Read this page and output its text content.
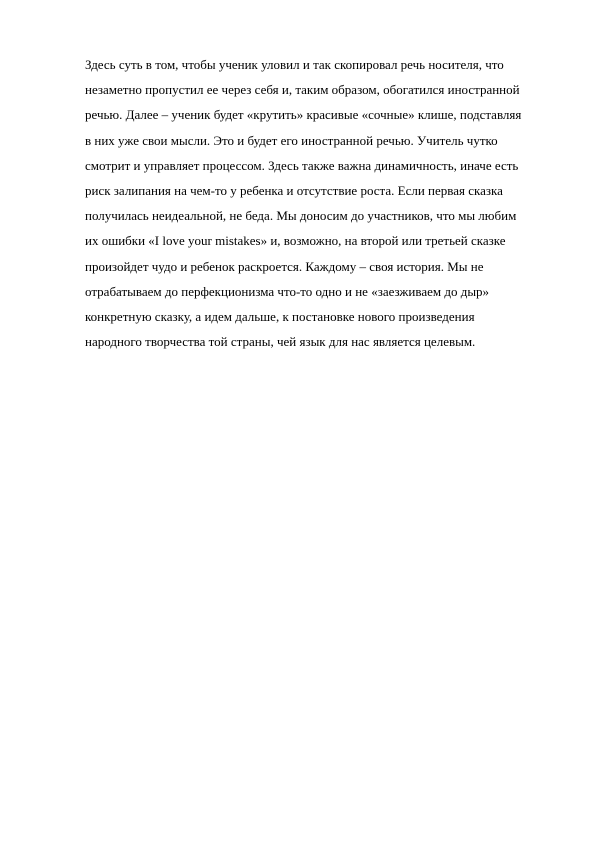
Здесь суть в том, чтобы ученик уловил и так скопировал речь носителя, что
незаметно пропустил ее через себя и, таким образом, обогатился иностранной
речью. Далее – ученик будет «крутить» красивые «сочные» клише, подставляя
в них уже свои мысли. Это и будет его иностранной речью. Учитель чутко
смотрит и управляет процессом. Здесь также важна динамичность, иначе есть
риск залипания на чем-то у ребенка и отсутствие роста. Если первая сказка
получилась неидеальной, не беда. Мы доносим до участников, что мы любим
их ошибки «I love your mistakes» и, возможно, на второй или третьей сказке
произойдет чудо и ребенок раскроется. Каждому – своя история. Мы не
отрабатываем до перфекционизма что-то одно и не «заезживаем до дыр»
конкретную сказку, а идем дальше, к постановке нового произведения
народного творчества той страны, чей язык для нас является целевым.
